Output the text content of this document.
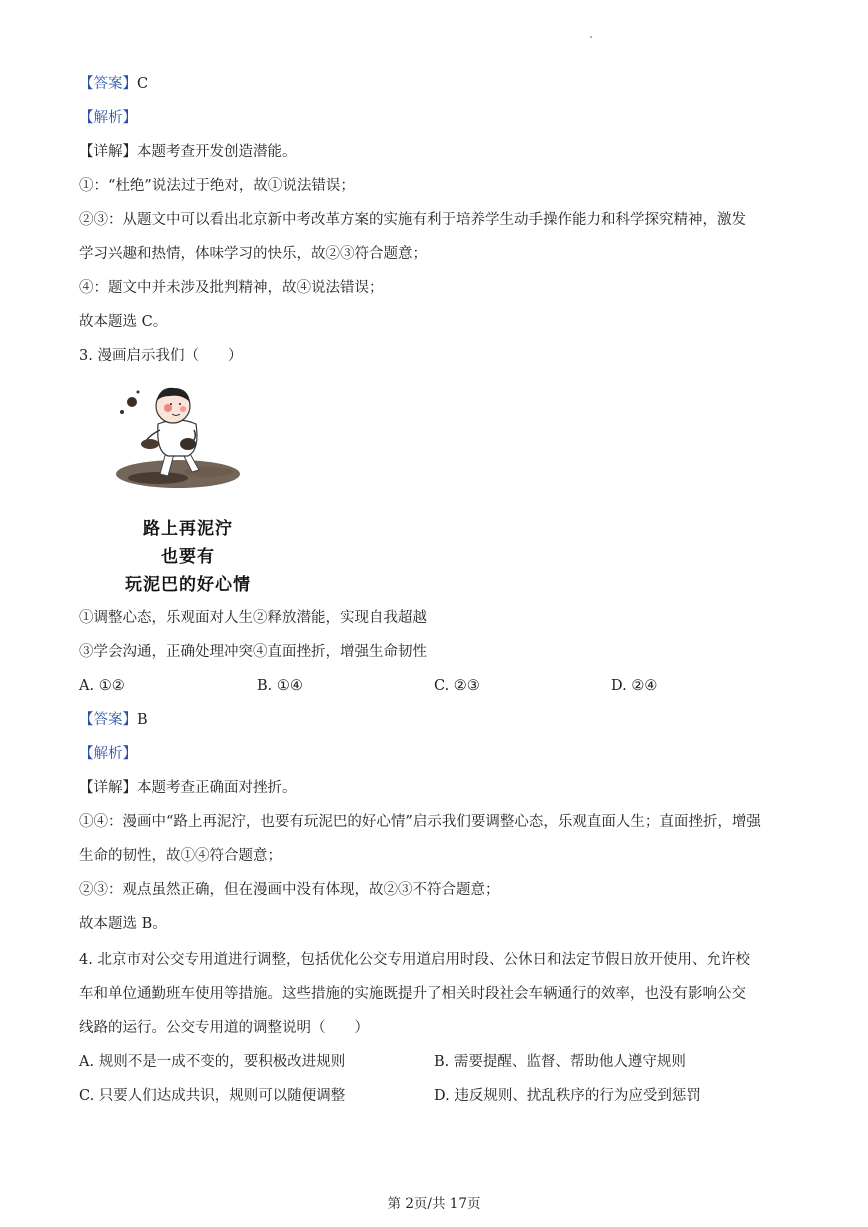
【答案】C
【解析】
【详解】本题考查开发创造潜能。
①：“杜绝”说法过于绝对，故①说法错误；
②③：从题文中可以看出北京新中考改革方案的实施有利于培养学生动手操作能力和科学探究精神，激发
学习兴趣和热情，体味学习的快乐，故②③符合题意；
④：题文中并未涉及批判精神，故④说法错误；
故本题选 C。
3. 漫画启示我们（　　）
路上再泥泞
也要有
玩泥巴的好心情
①调整心态，乐观面对人生②释放潜能，实现自我超越
③学会沟通，正确处理冲突④直面挫折，增强生命韧性
A. ①②	B. ①④	C. ②③	D. ②④
【答案】B
【解析】
【详解】本题考查正确面对挫折。
①④：漫画中“路上再泥泞，也要有玩泥巴的好心情”启示我们要调整心态，乐观直面人生；直面挫折，增强
生命的韧性，故①④符合题意；
②③：观点虽然正确，但在漫画中没有体现，故②③不符合题意；
故本题选 B。
4. 北京市对公交专用道进行调整，包括优化公交专用道启用时段、公休日和法定节假日放开使用、允许校
车和单位通勤班车使用等措施。这些措施的实施既提升了相关时段社会车辆通行的效率，也没有影响公交
线路的运行。公交专用道的调整说明（　　）
A. 规则不是一成不变的，要积极改进规则	B. 需要提醒、监督、帮助他人遵守规则
C. 只要人们达成共识，规则可以随便调整	D. 违反规则、扰乱秩序的行为应受到惩罚
第 2页/共 17页
